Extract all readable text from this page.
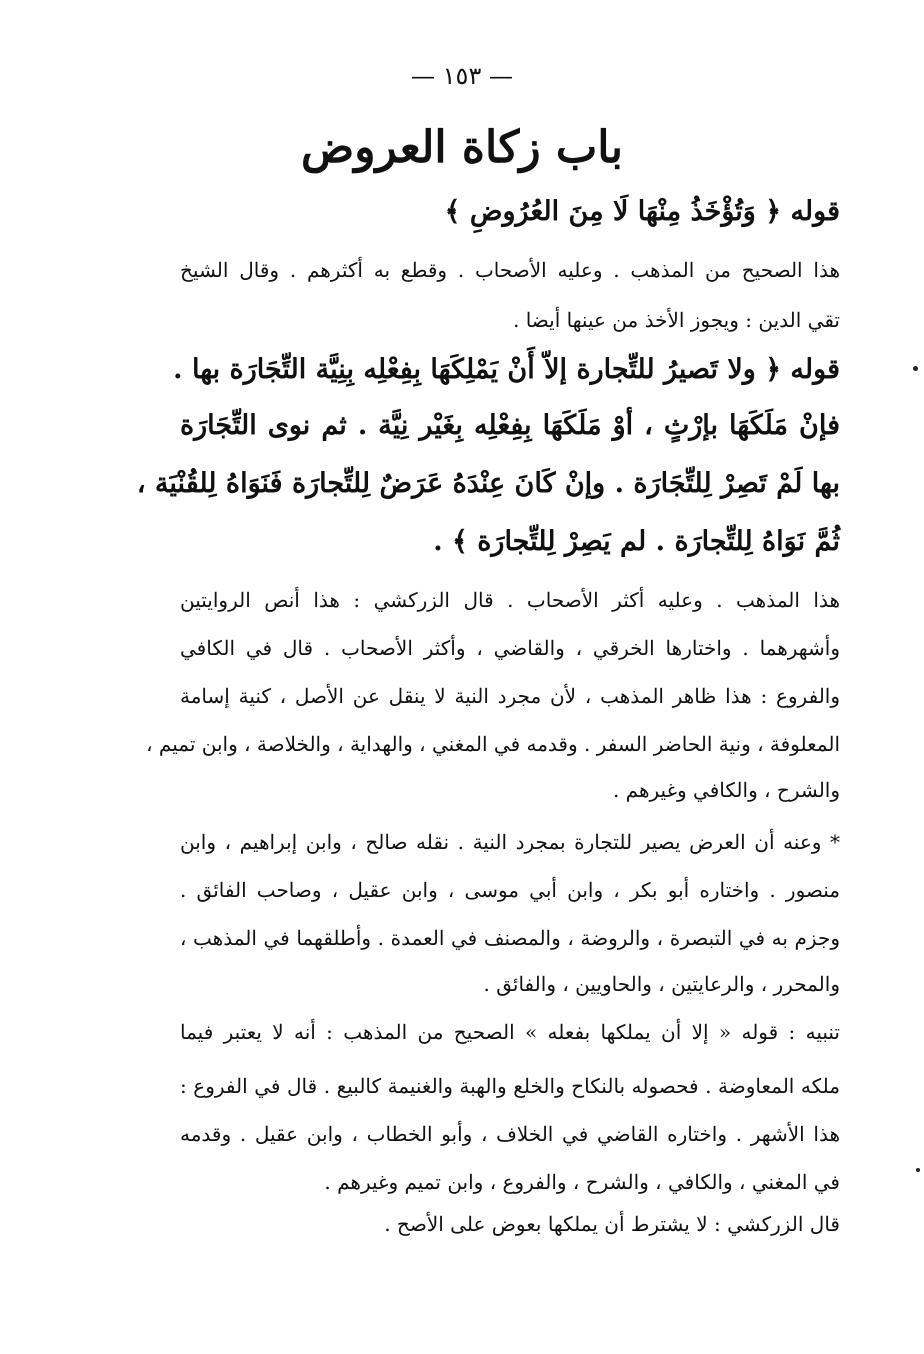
— ١٥٣ —
باب زكاة العروض
قوله ﴿ وَتُؤْخَذُ مِنْهَا لَا مِنَ العُرُوضِ ﴾
هذا الصحيح من المذهب . وعليه الأصحاب . وقطع به أكثرهم . وقال الشيخ
تقي الدين : ويجوز الأخذ من عينها أيضا .
قوله ﴿ ولا تَصيرُ للتِّجارة إلاّ أَنْ يَمْلِكَهَا بِفِعْلِه بِنِيَّة التِّجَارَة بها .
فإنْ مَلَكَهَا بإرْثٍ ، أوْ مَلَكَهَا بِفِعْلِه بِغَيْر نِيَّة . ثم نوى التِّجَارَة
بها لَمْ تَصِرْ لِلتِّجَارَة . وإنْ كَانَ عِنْدَهُ عَرَضٌ لِلتِّجارَة فَنَوَاهُ لِلقُنْيَة ،
ثُمَّ نَوَاهُ لِلتِّجارَة . لم يَصِرْ لِلتِّجارَة ﴾ .
هذا المذهب . وعليه أكثر الأصحاب . قال الزركشي : هذا أنص الروايتين
وأشهرهما . واختارها الخرقي ، والقاضي ، وأكثر الأصحاب . قال في الكافي
والفروع : هذا ظاهر المذهب ، لأن مجرد النية لا ينقل عن الأصل ، كنية إسامة
المعلوفة ، ونية الحاضر السفر . وقدمه في المغني ، والهداية ، والخلاصة ، وابن تميم ،
والشرح ، والكافي وغيرهم .
* وعنه أن العرض يصير للتجارة بمجرد النية . نقله صالح ، وابن إبراهيم ، وابن
منصور . واختاره أبو بكر ، وابن أبي موسى ، وابن عقيل ، وصاحب الفائق .
وجزم به في التبصرة ، والروضة ، والمصنف في العمدة . وأطلقهما في المذهب ،
والمحرر ، والرعايتين ، والحاويين ، والفائق .
تنبيه : قوله « إلا أن يملكها بفعله » الصحيح من المذهب : أنه لا يعتبر فيما
ملكه المعاوضة . فحصوله بالنكاح والخلع والهبة والغنيمة كالبيع . قال في الفروع :
هذا الأشهر . واختاره القاضي في الخلاف ، وأبو الخطاب ، وابن عقيل . وقدمه
في المغني ، والكافي ، والشرح ، والفروع ، وابن تميم وغيرهم .
قال الزركشي : لا يشترط أن يملكها بعوض على الأصح .
